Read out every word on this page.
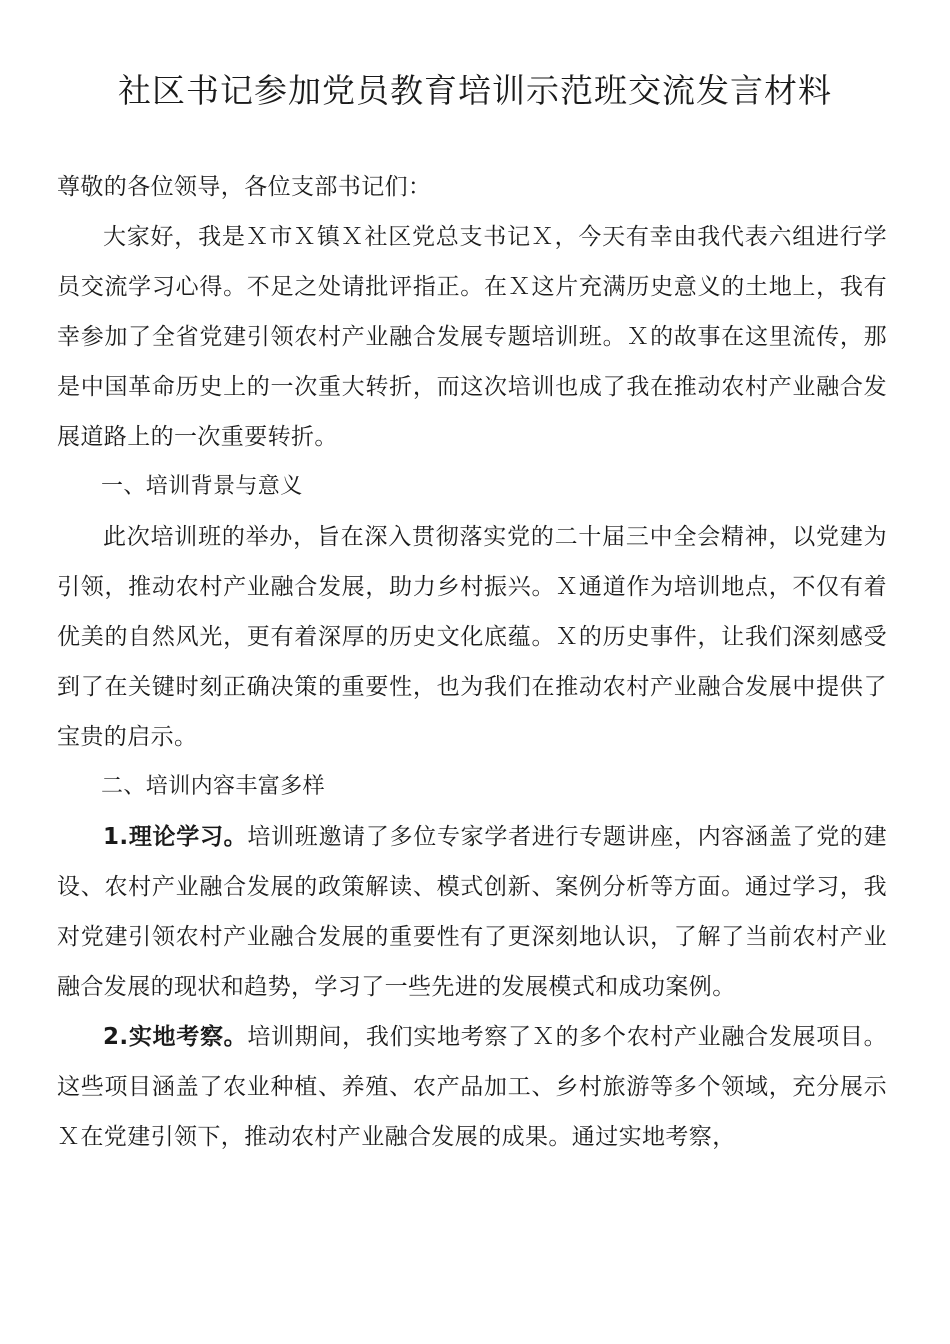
社区书记参加党员教育培训示范班交流发言材料

尊敬的各位领导，各位支部书记们：

大家好，我是Ｘ市Ｘ镇Ｘ社区党总支书记Ｘ，今天有幸由我代表六组进行学员交流学习心得。不足之处请批评指正。在Ｘ这片充满历史意义的土地上，我有幸参加了全省党建引领农村产业融合发展专题培训班。Ｘ的故事在这里流传，那是中国革命历史上的一次重大转折，而这次培训也成了我在推动农村产业融合发展道路上的一次重要转折。

一、培训背景与意义

此次培训班的举办，旨在深入贯彻落实党的二十届三中全会精神，以党建为引领，推动农村产业融合发展，助力乡村振兴。Ｘ通道作为培训地点，不仅有着优美的自然风光，更有着深厚的历史文化底蕴。Ｘ的历史事件，让我们深刻感受到了在关键时刻正确决策的重要性，也为我们在推动农村产业融合发展中提供了宝贵的启示。

二、培训内容丰富多样

1.理论学习。培训班邀请了多位专家学者进行专题讲座，内容涵盖了党的建设、农村产业融合发展的政策解读、模式创新、案例分析等方面。通过学习，我对党建引领农村产业融合发展的重要性有了更深刻地认识，了解了当前农村产业融合发展的现状和趋势，学习了一些先进的发展模式和成功案例。

2.实地考察。培训期间，我们实地考察了Ｘ的多个农村产业融合发展项目。这些项目涵盖了农业种植、养殖、农产品加工、乡村旅游等多个领域，充分展示Ｘ在党建引领下，推动农村产业融合发展的成果。通过实地考察，
